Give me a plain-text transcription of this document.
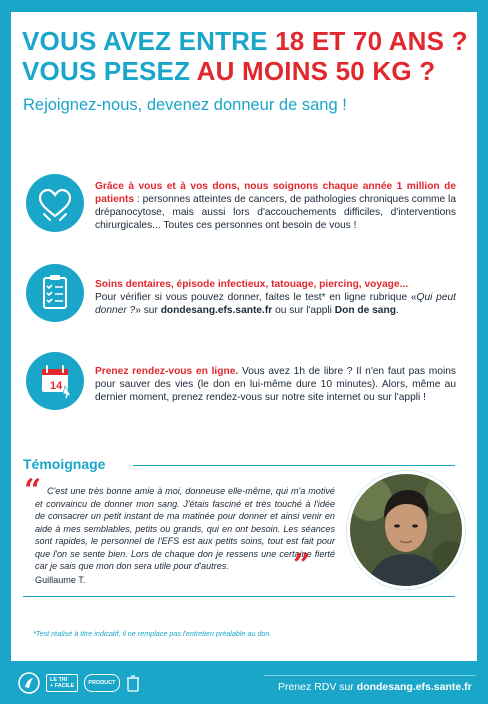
VOUS AVEZ ENTRE 18 ET 70 ANS ?
VOUS PESEZ AU MOINS 50 KG ?

Rejoignez-nous, devenez donneur de sang !

Grâce à vous et à vos dons, nous soignons chaque année 1 million de patients : personnes atteintes de cancers, de pathologies chroniques comme la drépanocytose, mais aussi lors d'accouchements difficiles, d'interventions chirurgicales... Toutes ces personnes ont besoin de vous !

Soins dentaires, épisode infectieux, tatouage, piercing, voyage...
Pour vérifier si vous pouvez donner, faites le test* en ligne rubrique «Qui peut donner ?» sur dondesang.efs.sante.fr ou sur l'appli Don de sang.

14

Prenez rendez-vous en ligne. Vous avez 1h de libre ? Il n'en faut pas moins pour sauver des vies (le don en lui-même dure 10 minutes). Alors, même au dernier moment, prenez rendez-vous sur notre site internet ou sur l'appli !

Témoignage
“ C'est une très bonne amie à moi, donneuse elle-même, qui m'a motivé et convaincu de donner mon sang. J'étais fasciné et très touché à l'idée de consacrer un petit instant de ma matinée pour donner et ainsi venir en aide à mes semblables, petits ou grands, qui en ont besoin. Les séances sont rapides, le personnel de l'EFS est aux petits soins, tout est fait pour que l'on se sente bien. Lors de chaque don je ressens une certaine fierté car je sais que mon don sera utile pour d'autres.	”

Guillaume T.

*Test réalisé à titre indicatif, il ne remplace pas l'entretien préalable au don.

LE TRI
+ FACILE	PRODUCT	Prenez RDV sur dondesang.efs.sante.fr
